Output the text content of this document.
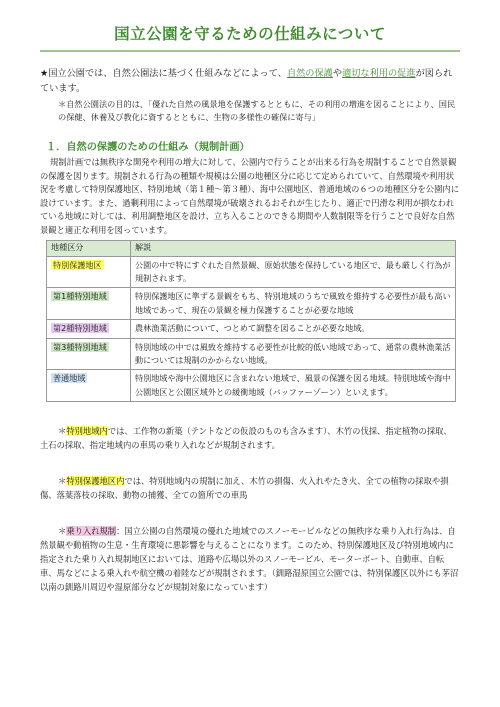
国立公園を守るための仕組みについて

★国立公園では、自然公園法に基づく仕組みなどによって、自然の保護や適切な利用の促進が図られています。

＊自然公園法の目的は、「優れた自然の風景地を保護するとともに、その利用の増進を図ることにより、国民の保健、休養及び教化に資するとともに、生物の多様性の確保に寄与」

１．自然の保護のための仕組み（規制計画）

規制計画では無秩序な開発や利用の増大に対して、公園内で行うことが出来る行為を規制することで自然景観の保護を図ります。規制される行為の種類や規模は公園の地種区分に応じて定められていて、自然環境や利用状況を考慮して特別保護地区、特別地域（第１種～第３種）、海中公園地区、普通地域の６つの地種区分を公園内に設けています。また、過剰利用によって自然環境が破壊されるおそれが生じたり、適正で円滑な利用が損なわれている地域に対しては、利用調整地区を設け、立ち入ることのできる期間や人数制限等を行うことで良好な自然景観と適正な利用を図っています。

地種区分	解説
特別保護地区	公園の中で特にすぐれた自然景観、原始状態を保持している地区で、最も厳しく行為が規制されます。
第1種特別地域	特別保護地区に準ずる景観をもち、特別地域のうちで風致を維持する必要性が最も高い地域であって、現在の景観を極力保護することが必要な地域
第2種特別地域	農林漁業活動について、つとめて調整を図ることが必要な地域。
第3種特別地域	特別地域の中では風致を維持する必要性が比較的低い地域であって、通常の農林漁業活動については規制のかからない地域。
普通地域	特別地域や海中公園地区に含まれない地域で、風景の保護を図る地域。特別地域や海中公園地区と公園区域外との緩衝地域（バッファーゾーン）といえます。

＊特別地域内では、工作物の新築（テントなどの仮設のものも含みます）、木竹の伐採、指定植物の採取、土石の採取、指定地域内の車馬の乗り入れなどが規制されます。

＊特別保護地区内では、特別地域内の規制に加え、木竹の損傷、火入れやたき火、全ての植物の採取や損傷、落葉落枝の採取、動物の捕獲、全ての箇所での車馬

＊乗り入れ規制：国立公園の自然環境の優れた地域でのスノーモービルなどの無秩序な乗り入れ行為は、自然景観や動植物の生息・生育環境に悪影響を与えることになります。このため、特別保護地区及び特別地域内に指定された乗り入れ規制地区においては、道路や広場以外のスノーモービル、モーターボート、自動車、自転車、馬などによる乗入れや航空機の着陸などが規制されます。（釧路湿原国立公園では、特別保護区以外にも茅沼以南の釧路川周辺や湿原部分などが規制対象になっています）
